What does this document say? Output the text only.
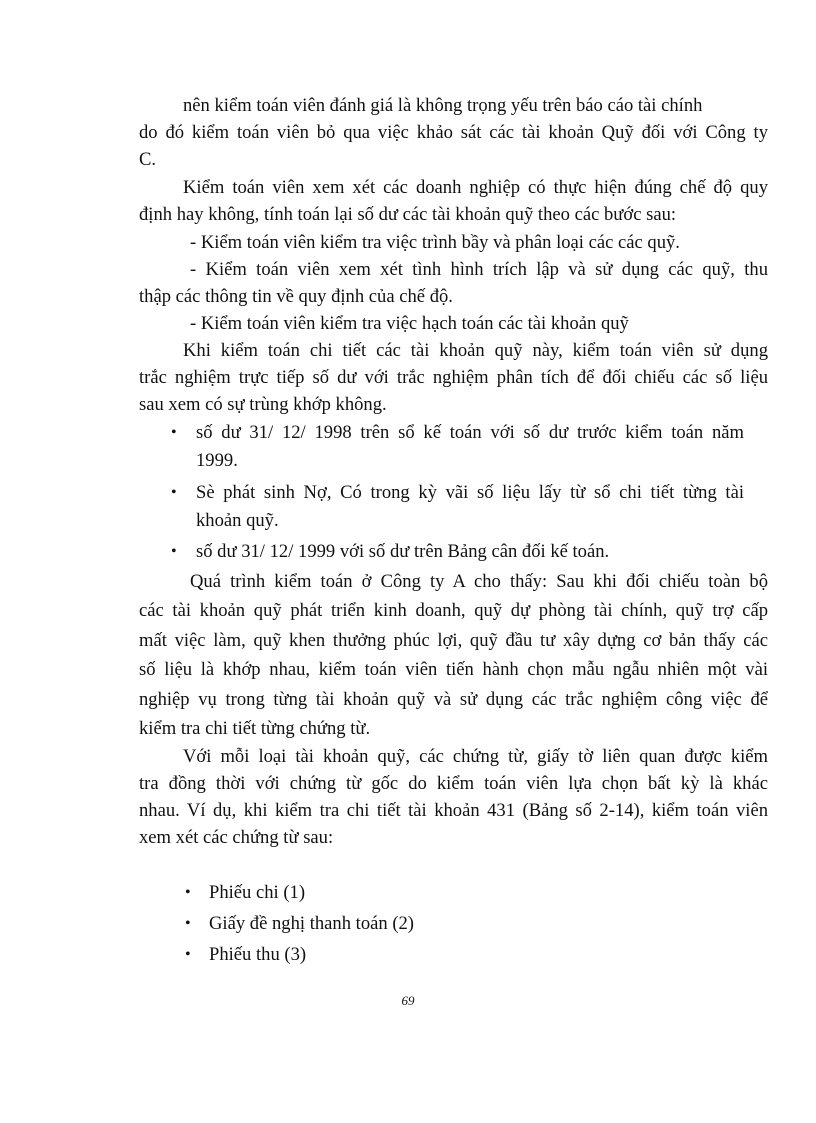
nên kiểm toán viên đánh giá là không trọng yếu trên báo cáo tài chính
do đó kiểm toán viên bỏ qua việc khảo sát các tài khoản Quỹ đối với Công ty
C.
Kiểm toán viên xem xét các doanh nghiệp có thực hiện đúng chế độ quy
định hay không, tính toán lại số dư các tài khoản quỹ theo các bước sau:
- Kiểm toán viên kiểm tra việc trình bầy và phân loại các các quỹ.
- Kiểm toán viên xem xét tình hình trích lập và sử dụng các quỹ, thu
thập các thông tin về quy định của chế độ.
- Kiểm toán viên kiểm tra việc hạch toán các tài khoản quỹ
Khi kiểm toán chi tiết các tài khoản quỹ này, kiểm toán viên sử dụng
trắc nghiệm trực tiếp số dư với trắc nghiệm phân tích để đối chiếu các số liệu
sau xem có sự trùng khớp không.
• số dư 31/ 12/ 1998 trên sổ kế toán với số dư trước kiểm toán năm
1999.
• Sè phát sinh Nợ, Có trong kỳ vãi số liệu lấy từ sổ chi tiết từng tài
khoản quỹ.
• số dư 31/ 12/ 1999 với số dư trên Bảng cân đối kế toán.
Quá trình kiểm toán ở Công ty A cho thấy: Sau khi đối chiếu toàn bộ
các tài khoản quỹ phát triển kinh doanh, quỹ dự phòng tài chính, quỹ trợ cấp
mất việc làm, quỹ khen thưởng phúc lợi, quỹ đầu tư xây dựng cơ bản thấy các
số liệu là khớp nhau, kiểm toán viên tiến hành chọn mẫu ngẫu nhiên một vài
nghiệp vụ trong từng tài khoản quỹ và sử dụng các trắc nghiệm công việc để
kiểm tra chi tiết từng chứng từ.
Với mỗi loại tài khoản quỹ, các chứng từ, giấy tờ liên quan được kiểm
tra đồng thời với chứng từ gốc do kiểm toán viên lựa chọn bất kỳ là khác
nhau. Ví dụ, khi kiểm tra chi tiết tài khoản 431 (Bảng số 2-14), kiểm toán viên
xem xét các chứng từ sau:
• Phiếu chi (1)
• Giấy đề nghị thanh toán (2)
• Phiếu thu (3)
69
